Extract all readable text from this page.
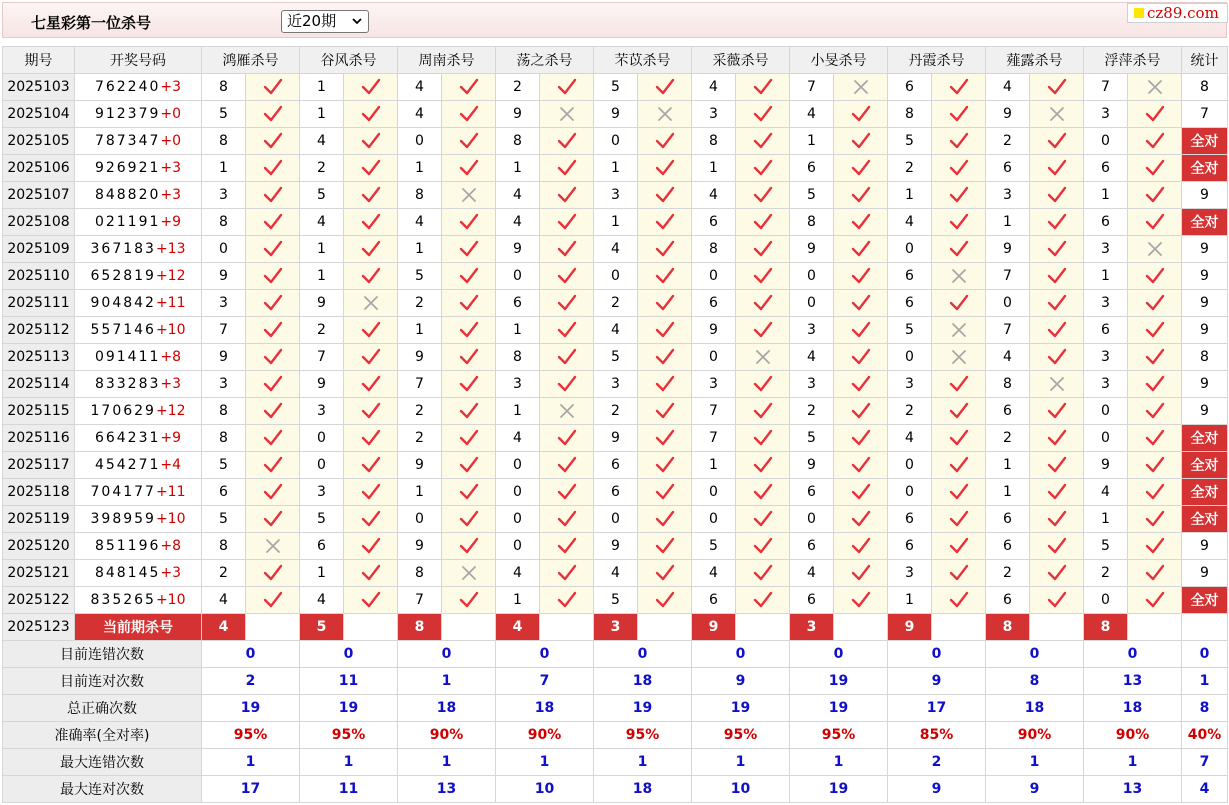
七星彩第一位杀号	近20期	cz89.com
期号	开奖号码	鸿雁杀号		谷风杀号		周南杀号		荡之杀号		芣苡杀号		采薇杀号		小旻杀号		丹霞杀号		薤露杀号		浮萍杀号		统计
2025103	762240+3	8		1		4		2		5		4		7		6		4		7		8
2025104	912379+0	5		1		4		9		9		3		4		8		9		3		7
2025105	787347+0	8		4		0		8		0		8		1		5		2		0		全对
2025106	926921+3	1		2		1		1		1		1		6		2		6		6		全对
2025107	848820+3	3		5		8		4		3		4		5		1		3		1		9
2025108	021191+9	8		4		4		4		1		6		8		4		1		6		全对
2025109	367183+13	0		1		1		9		4		8		9		0		9		3		9
2025110	652819+12	9		1		5		0		0		0		0		6		7		1		9
2025111	904842+11	3		9		2		6		2		6		0		6		0		3		9
2025112	557146+10	7		2		1		1		4		9		3		5		7		6		9
2025113	091411+8	9		7		9		8		5		0		4		0		4		3		8
2025114	833283+3	3		9		7		3		3		3		3		3		8		3		9
2025115	170629+12	8		3		2		1		2		7		2		2		6		0		9
2025116	664231+9	8		0		2		4		9		7		5		4		2		0		全对
2025117	454271+4	5		0		9		0		6		1		9		0		1		9		全对
2025118	704177+11	6		3		1		0		6		0		6		0		1		4		全对
2025119	398959+10	5		5		0		0		0		0		0		6		6		1		全对
2025120	851196+8	8		6		9		0		9		5		6		6		6		5		9
2025121	848145+3	2		1		8		4		4		4		4		3		2		2		9
2025122	835265+10	4		4		7		1		5		6		6		1		6		0		全对
2025123	当前期杀号	4		5		8		4		3		9		3		9		8		8		
目前连错次数		0		0		0		0		0		0		0		0		0		0		0
目前连对次数		2		11		1		7		18		9		19		9		8		13		1
总正确次数		19		19		18		18		19		19		19		17		18		18		8
准确率(全对率)		95%		95%		90%		90%		95%		95%		95%		85%		90%		90%		40%
最大连错次数		1		1		1		1		1		1		1		2		1		1		7
最大连对次数		17		11		13		10		18		10		19		9		9		13		4
